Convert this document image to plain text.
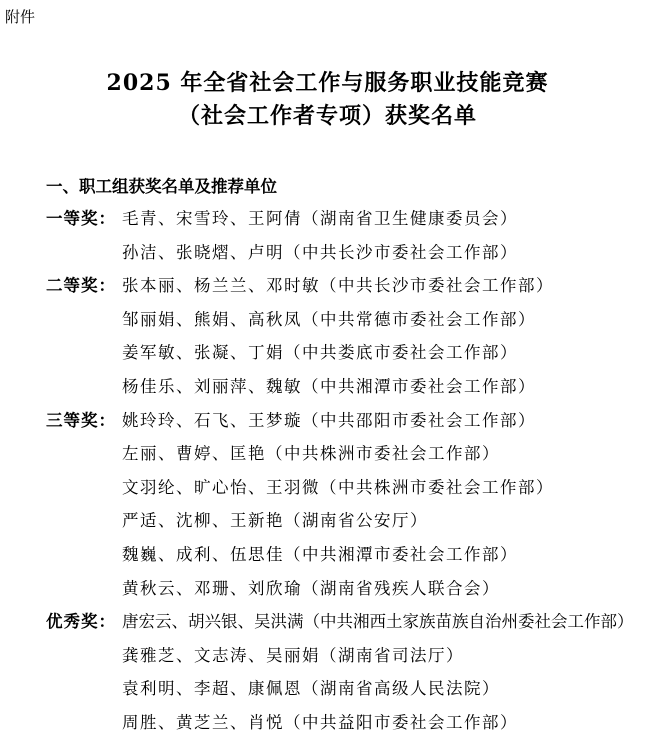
附件
2025 年全省社会工作与服务职业技能竞赛
（社会工作者专项）获奖名单
一、职工组获奖名单及推荐单位
一等奖： 毛青、宋雪玲、王阿倩（湖南省卫生健康委员会）
孙洁、张晓熠、卢明（中共长沙市委社会工作部）
二等奖： 张本丽、杨兰兰、邓时敏（中共长沙市委社会工作部）
邹丽娟、熊娟、高秋凤（中共常德市委社会工作部）
姜军敏、张凝、丁娟（中共娄底市委社会工作部）
杨佳乐、刘丽萍、魏敏（中共湘潭市委社会工作部）
三等奖： 姚玲玲、石飞、王梦璇（中共邵阳市委社会工作部）
左丽、曹婷、匡艳（中共株洲市委社会工作部）
文羽纶、旷心怡、王羽微（中共株洲市委社会工作部）
严适、沈柳、王新艳（湖南省公安厅）
魏巍、成利、伍思佳（中共湘潭市委社会工作部）
黄秋云、邓珊、刘欣瑜（湖南省残疾人联合会）
优秀奖： 唐宏云、胡兴银、吴洪满（中共湘西土家族苗族自治州委社会工作部）
龚雅芝、文志涛、吴丽娟（湖南省司法厅）
袁利明、李超、康佩恩（湖南省高级人民法院）
周胜、黄芝兰、肖悦（中共益阳市委社会工作部）
